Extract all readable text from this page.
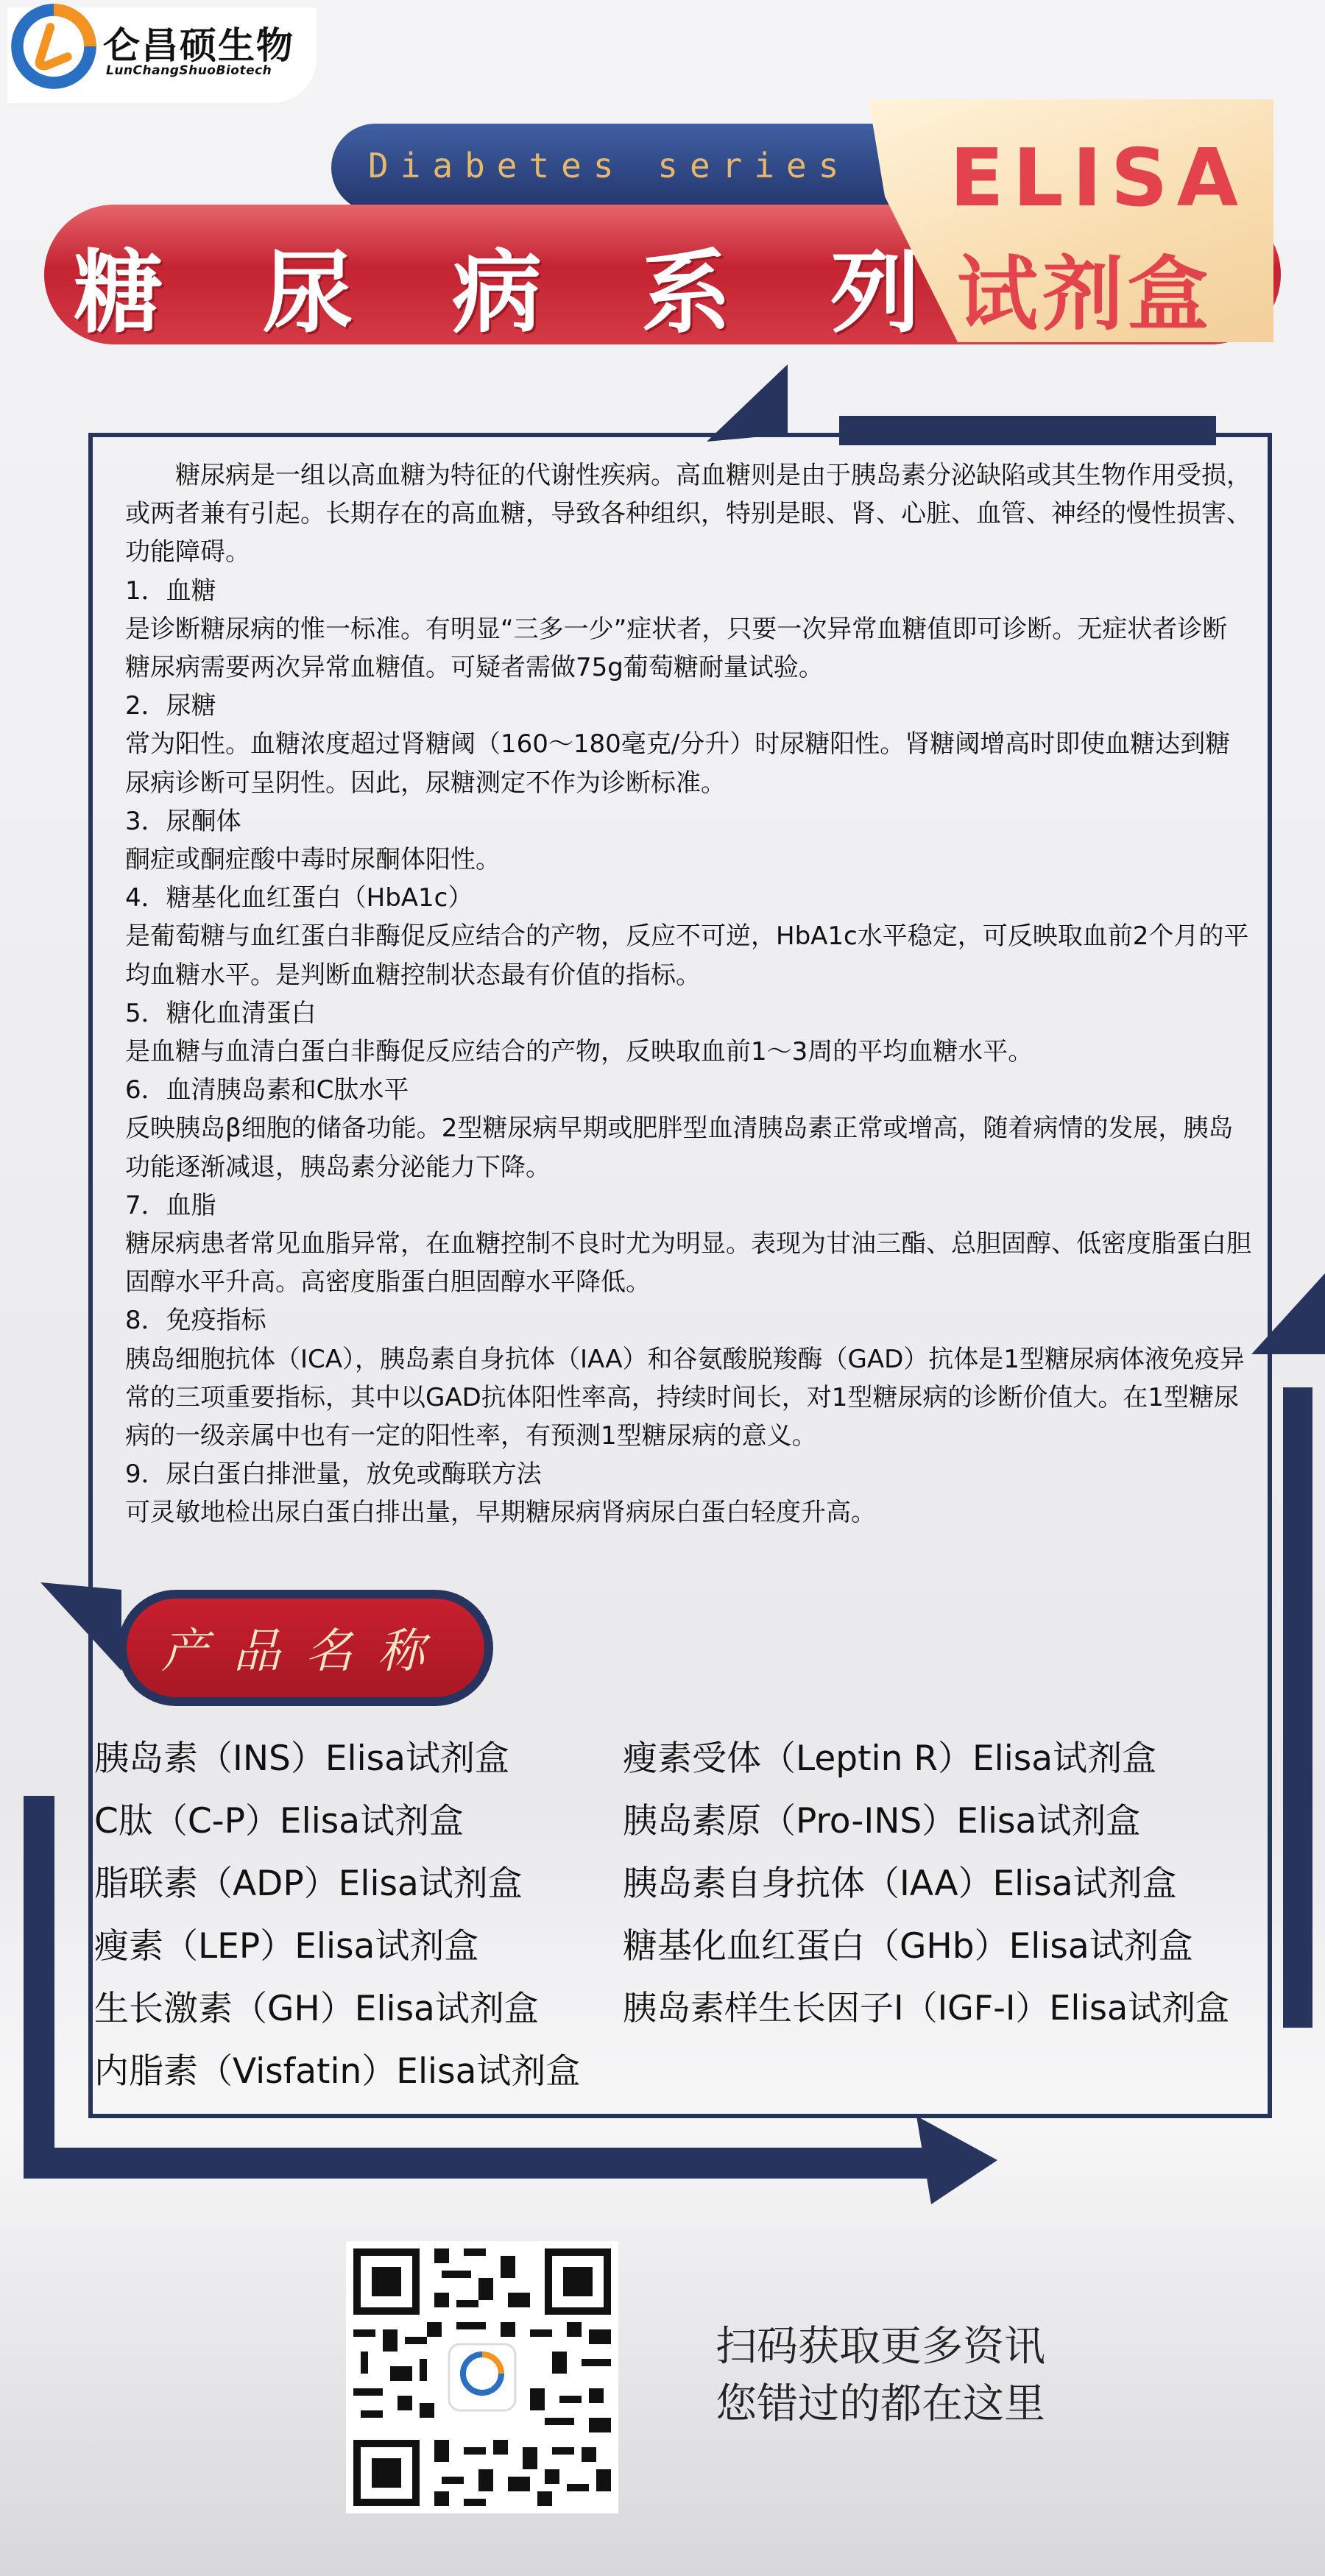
仑昌硕生物
LunChangShuoBiotech
Diabetes series
糖 尿 病 系 列
ELISA
试剂盒

　　糖尿病是一组以高血糖为特征的代谢性疾病。高血糖则是由于胰岛素分泌缺陷或其生物作用受损，或两者兼有引起。长期存在的高血糖，导致各种组织，特别是眼、肾、心脏、血管、神经的慢性损害、功能障碍。

1．血糖

是诊断糖尿病的惟一标准。有明显“三多一少”症状者，只要一次异常血糖值即可诊断。无症状者诊断糖尿病需要两次异常血糖值。可疑者需做75g葡萄糖耐量试验。

2．尿糖

常为阳性。血糖浓度超过肾糖阈（160～180毫克/分升）时尿糖阳性。肾糖阈增高时即使血糖达到糖尿病诊断可呈阴性。因此，尿糖测定不作为诊断标准。

3．尿酮体

酮症或酮症酸中毒时尿酮体阳性。

4．糖基化血红蛋白（HbA1c）

是葡萄糖与血红蛋白非酶促反应结合的产物，反应不可逆，HbA1c水平稳定，可反映取血前2个月的平均血糖水平。是判断血糖控制状态最有价值的指标。

5．糖化血清蛋白

是血糖与血清白蛋白非酶促反应结合的产物，反映取血前1～3周的平均血糖水平。

6．血清胰岛素和C肽水平

反映胰岛β细胞的储备功能。2型糖尿病早期或肥胖型血清胰岛素正常或增高，随着病情的发展，胰岛功能逐渐减退，胰岛素分泌能力下降。

7．血脂

糖尿病患者常见血脂异常，在血糖控制不良时尤为明显。表现为甘油三酯、总胆固醇、低密度脂蛋白胆固醇水平升高。高密度脂蛋白胆固醇水平降低。

8．免疫指标

胰岛细胞抗体（ICA），胰岛素自身抗体（IAA）和谷氨酸脱羧酶（GAD）抗体是1型糖尿病体液免疫异常的三项重要指标，其中以GAD抗体阳性率高，持续时间长，对1型糖尿病的诊断价值大。在1型糖尿病的一级亲属中也有一定的阳性率，有预测1型糖尿病的意义。

9．尿白蛋白排泄量，放免或酶联方法

可灵敏地检出尿白蛋白排出量，早期糖尿病肾病尿白蛋白轻度升高。

产品名称
胰岛素（INS）Elisa试剂盒
C肽（C-P）Elisa试剂盒
脂联素（ADP）Elisa试剂盒
瘦素（LEP）Elisa试剂盒
生长激素（GH）Elisa试剂盒
内脂素（Visfatin）Elisa试剂盒
瘦素受体（Leptin R）Elisa试剂盒
胰岛素原（Pro-INS）Elisa试剂盒
胰岛素自身抗体（IAA）Elisa试剂盒
糖基化血红蛋白（GHb）Elisa试剂盒
胰岛素样生长因子I（IGF-I）Elisa试剂盒
扫码获取更多资讯
您错过的都在这里
